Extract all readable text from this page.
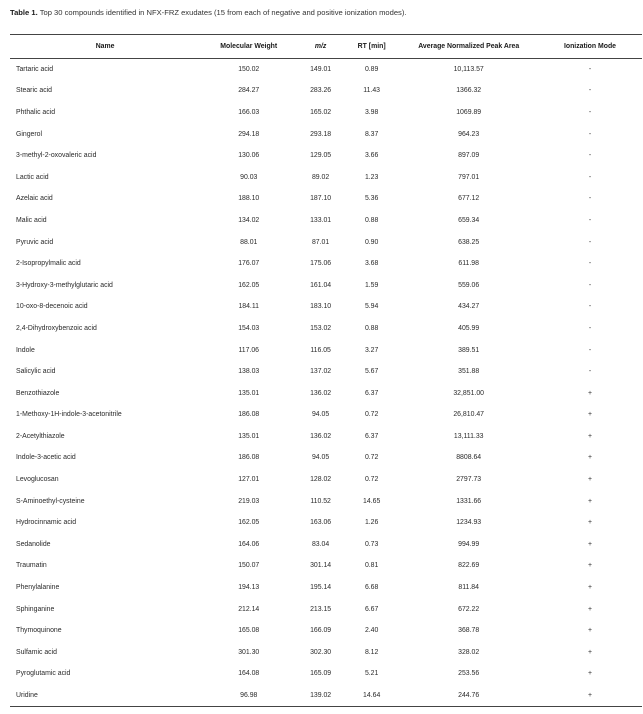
Table 1. Top 30 compounds identified in NFX-FRZ exudates (15 from each of negative and positive ionization modes).
Name	Molecular Weight	m/z	RT [min]	Average Normalized Peak Area	Ionization Mode
Tartaric acid	150.02	149.01	0.89	10,113.57	-
Stearic acid	284.27	283.26	11.43	1366.32	-
Phthalic acid	166.03	165.02	3.98	1069.89	-
Gingerol	294.18	293.18	8.37	964.23	-
3-methyl-2-oxovaleric acid	130.06	129.05	3.66	897.09	-
Lactic acid	90.03	89.02	1.23	797.01	-
Azelaic acid	188.10	187.10	5.36	677.12	-
Malic acid	134.02	133.01	0.88	659.34	-
Pyruvic acid	88.01	87.01	0.90	638.25	-
2-Isopropylmalic acid	176.07	175.06	3.68	611.98	-
3-Hydroxy-3-methylglutaric acid	162.05	161.04	1.59	559.06	-
10-oxo-8-decenoic acid	184.11	183.10	5.94	434.27	-
2,4-Dihydroxybenzoic acid	154.03	153.02	0.88	405.99	-
Indole	117.06	116.05	3.27	389.51	-
Salicylic acid	138.03	137.02	5.67	351.88	-
Benzothiazole	135.01	136.02	6.37	32,851.00	+
1-Methoxy-1H-indole-3-acetonitrile	186.08	94.05	0.72	26,810.47	+
2-Acetylthiazole	135.01	136.02	6.37	13,111.33	+
Indole-3-acetic acid	186.08	94.05	0.72	8808.64	+
Levoglucosan	127.01	128.02	0.72	2797.73	+
S-Aminoethyl-cysteine	219.03	110.52	14.65	1331.66	+
Hydrocinnamic acid	162.05	163.06	1.26	1234.93	+
Sedanolide	164.06	83.04	0.73	994.99	+
Traumatin	150.07	301.14	0.81	822.69	+
Phenylalanine	194.13	195.14	6.68	811.84	+
Sphinganine	212.14	213.15	6.67	672.22	+
Thymoquinone	165.08	166.09	2.40	368.78	+
Sulfamic acid	301.30	302.30	8.12	328.02	+
Pyroglutamic acid	164.08	165.09	5.21	253.56	+
Uridine	96.98	139.02	14.64	244.76	+
